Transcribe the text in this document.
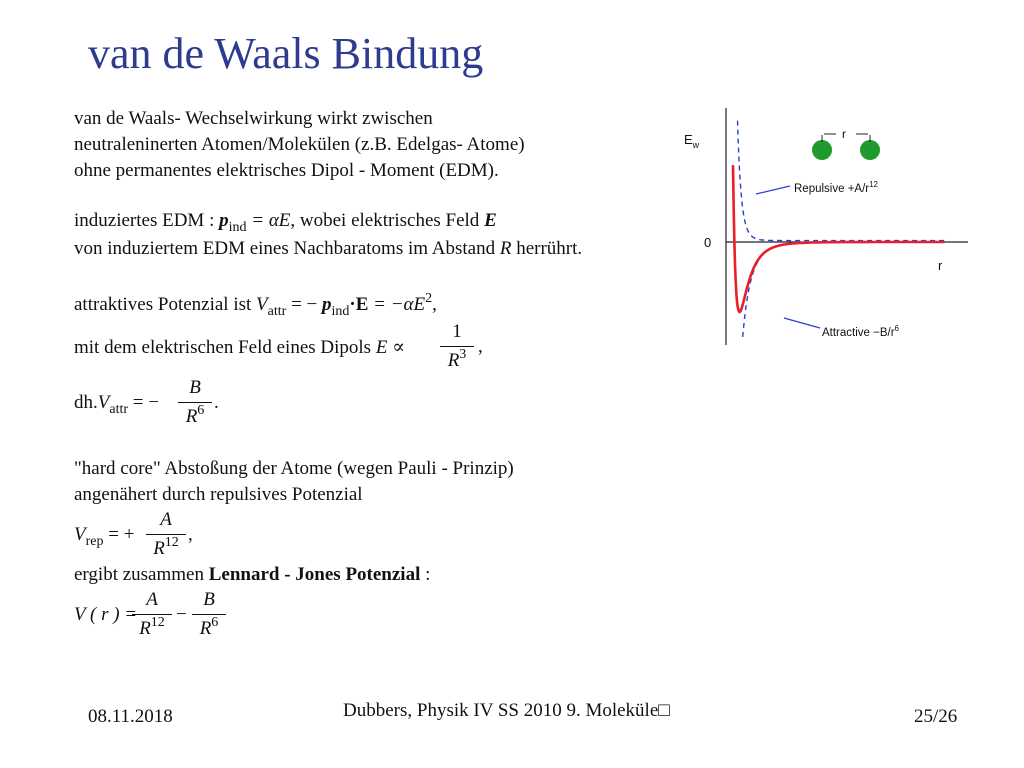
van de Waals Bindung
van de Waals- Wechselwirkung wirkt zwischen
neutraleninerten Atomen/Molekülen (z.B. Edelgas- Atome)
ohne permanentes elektrisches Dipol - Moment (EDM).
induziertes EDM : $p_{ind} = \alpha E$, wobei elektrisches Feld E
von induziertem EDM eines Nachbaratoms im Abstand R herrührt.
attraktives Potenzial ist $V_{attr}$ = − $p_{ind}\cdot E = -\alpha E^2$,
mit dem elektrischen Feld eines Dipols E ∝
1
$R^3$ ,
$dh.V_{attr}$ = −
B
$R^6$ .
"hard core" Abstoßung der Atome (wegen Pauli - Prinzip)
angenähert durch repulsives Potenzial
$V_{rep}$ = +
A
$R^{12}$ ,
ergibt zusammen Lennard - Jones Potenzial :
V ( r ) =
A
$R^{12}$ −
B
$R^6$
$E_w$
0
r
r
Repulsive $+A/r^{12}$
Attractive $-B/r^6$
08.11.2018	Dubbers, Physik IV SS 2010 9. Moleküle□	25/26
